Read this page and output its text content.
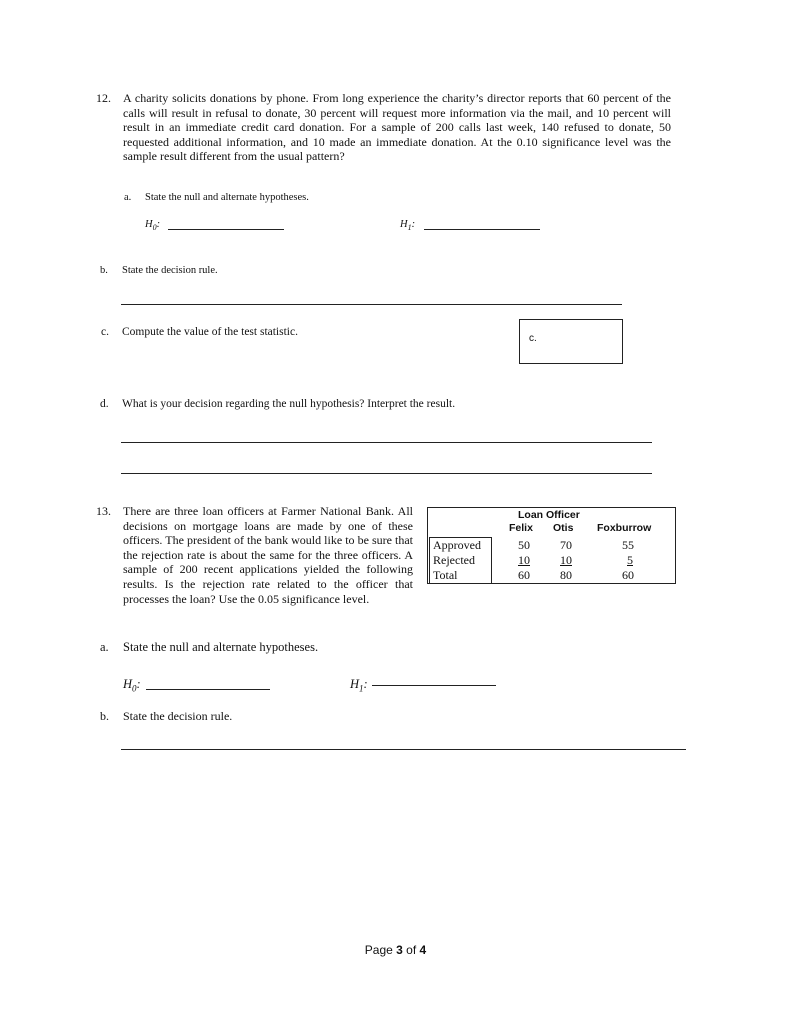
12. A charity solicits donations by phone. From long experience the charity’s director reports that 60 percent of the calls will result in refusal to donate, 30 percent will request more information via the mail, and 10 percent will result in an immediate credit card donation. For a sample of 200 calls last week, 140 refused to donate, 50 requested additional information, and 10 made an immediate donation. At the 0.10 significance level was the sample result different from the usual pattern?
a. State the null and alternate hypotheses.
$H_0$:	$H_1$:
b. State the decision rule.
c. Compute the value of the test statistic.
c.
d. What is your decision regarding the null hypothesis? Interpret the result.
13. There are three loan officers at Farmer National Bank. All decisions on mortgage loans are made by one of these officers. The president of the bank would like to be sure that the rejection rate is about the same for the three officers. A sample of 200 recent applications yielded the following results. Is the rejection rate related to the officer that processes the loan? Use the 0.05 significance level.
Loan Officer
Felix Otis Foxburrow
Approved	50	70	55
Rejected	10	10	5
Total	60	80	60
a. State the null and alternate hypotheses.
$H_0$:	$H_1$:
b. State the decision rule.
Page 3 of 4
